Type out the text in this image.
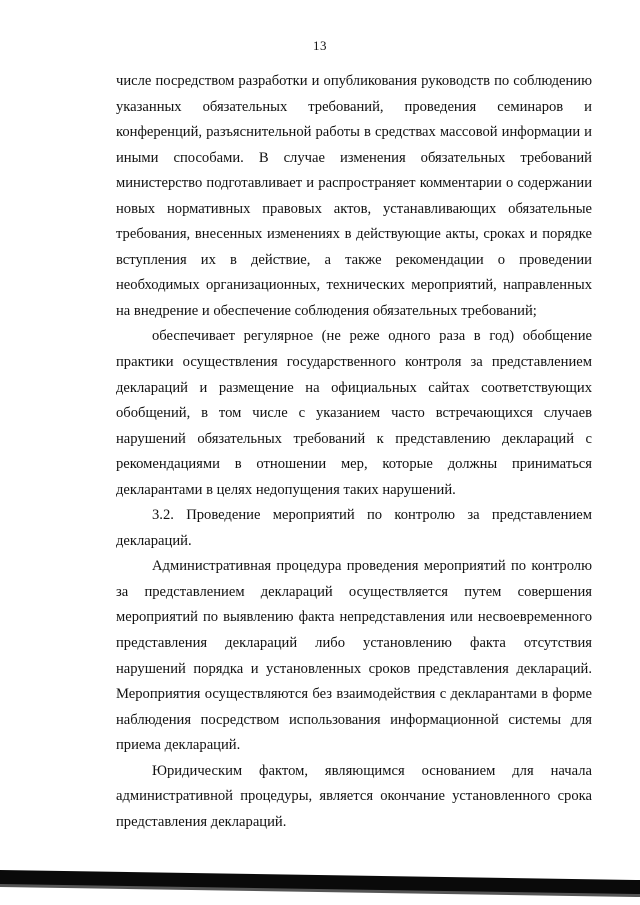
13

числе посредством разработки и опубликования руководств по соблюдению указанных обязательных требований, проведения семинаров и конференций, разъяснительной работы в средствах массовой информации и иными способами. В случае изменения обязательных требований министерство подготавливает и распространяет комментарии о содержании новых нормативных правовых актов, устанавливающих обязательные требования, внесенных изменениях в действующие акты, сроках и порядке вступления их в действие, а также рекомендации о проведении необходимых организационных, технических мероприятий, направленных на внедрение и обеспечение соблюдения обязательных требований;

обеспечивает регулярное (не реже одного раза в год) обобщение практики осуществления государственного контроля за представлением деклараций и размещение на официальных сайтах соответствующих обобщений, в том числе с указанием часто встречающихся случаев нарушений обязательных требований к представлению деклараций с рекомендациями в отношении мер, которые должны приниматься декларантами в целях недопущения таких нарушений.

3.2. Проведение мероприятий по контролю за представлением деклараций.

Административная процедура проведения мероприятий по контролю за представлением деклараций осуществляется путем совершения мероприятий по выявлению факта непредставления или несвоевременного представления деклараций либо установлению факта отсутствия нарушений порядка и установленных сроков представления деклараций. Мероприятия осуществляются без взаимодействия с декларантами в форме наблюдения посредством использования информационной системы для приема деклараций.

Юридическим фактом, являющимся основанием для начала административной процедуры, является окончание установленного срока представления деклараций.
